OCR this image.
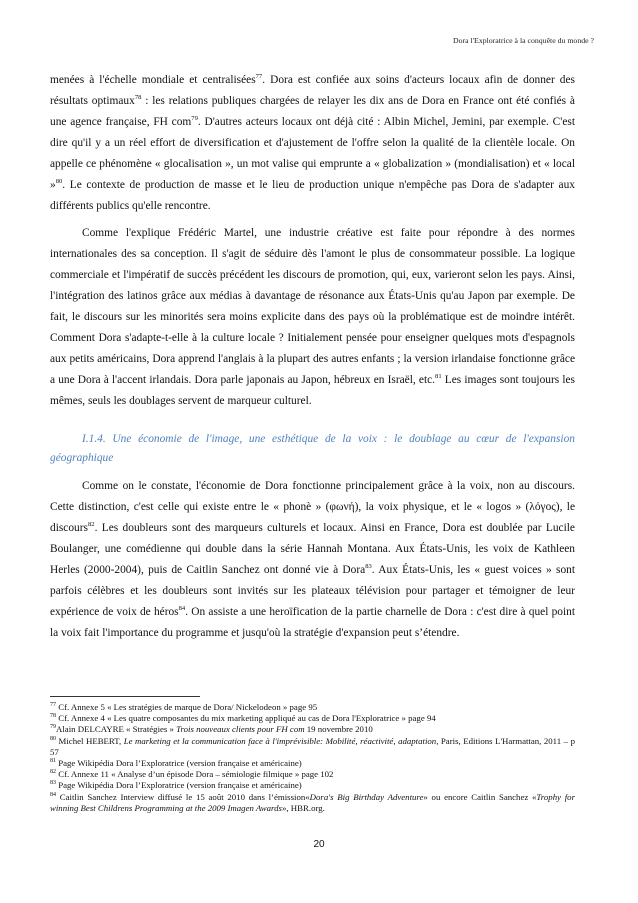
Dora l'Exploratrice à la conquête du monde ?

menées à l'échelle mondiale et centralisées$^{77}$. Dora est confiée aux soins d'acteurs locaux afin de donner des résultats optimaux$^{78}$ : les relations publiques chargées de relayer les dix ans de Dora en France ont été confiés à une agence française, FH com$^{79}$. D'autres acteurs locaux ont déjà cité : Albin Michel, Jemini, par exemple. C'est dire qu'il y a un réel effort de diversification et d'ajustement de l'offre selon la qualité de la clientèle locale. On appelle ce phénomène « glocalisation », un mot valise qui emprunte a « globalization » (mondialisation) et « local »$^{80}$. Le contexte de production de masse et le lieu de production unique n'empêche pas Dora de s'adapter aux différents publics qu'elle rencontre.

Comme l'explique Frédéric Martel, une industrie créative est faite pour répondre à des normes internationales des sa conception. Il s'agit de séduire dès l'amont le plus de consommateur possible. La logique commerciale et l'impératif de succès précédent les discours de promotion, qui, eux, varieront selon les pays. Ainsi, l'intégration des latinos grâce aux médias à davantage de résonance aux États-Unis qu'au Japon par exemple. De fait, le discours sur les minorités sera moins explicite dans des pays où la problématique est de moindre intérêt. Comment Dora s'adapte-t-elle à la culture locale ? Initialement pensée pour enseigner quelques mots d'espagnols aux petits américains, Dora apprend l'anglais à la plupart des autres enfants ; la version irlandaise fonctionne grâce a une Dora à l'accent irlandais. Dora parle japonais au Japon, hébreux en Israël, etc.$^{81}$ Les images sont toujours les mêmes, seuls les doublages servent de marqueur culturel.

I.1.4. Une économie de l'image, une esthétique de la voix : le doublage au cœur de l'expansion géographique

Comme on le constate, l'économie de Dora fonctionne principalement grâce à la voix, non au discours. Cette distinction, c'est celle qui existe entre le « phonè » (φωνή), la voix physique, et le « logos » (λόγος), le discours$^{82}$. Les doubleurs sont des marqueurs culturels et locaux. Ainsi en France, Dora est doublée par Lucile Boulanger, une comédienne qui double dans la série Hannah Montana. Aux États-Unis, les voix de Kathleen Herles (2000-2004), puis de Caitlin Sanchez ont donné vie à Dora$^{83}$. Aux États-Unis, les « guest voices » sont parfois célèbres et les doubleurs sont invités sur les plateaux télévision pour partager et témoigner de leur expérience de voix de héros$^{84}$. On assiste a une heroïfication de la partie charnelle de Dora : c'est dire à quel point la voix fait l'importance du programme et jusqu'où la stratégie d'expansion peut s’étendre.

$^{77}$ Cf. Annexe 5 « Les stratégies de marque de Dora/ Nickelodeon » page 95

$^{78}$ Cf. Annexe 4 « Les quatre composantes du mix marketing appliqué au cas de Dora l'Exploratrice » page 94

$^{79}$Alain DELCAYRE « Stratégies » Trois nouveaux clients pour FH com 19 novembre 2010

$^{80}$ Michel HEBERT, Le marketing et la communication face à l'imprévisible: Mobilité, réactivité, adaptation, Paris, Editions L'Harmattan, 2011 – p 57

$^{81}$ Page Wikipédia Dora l’Exploratrice (version française et américaine)

$^{82}$ Cf. Annexe 11 « Analyse d’un épisode Dora – sémiologie filmique » page 102

$^{83}$ Page Wikipédia Dora l’Exploratrice (version française et américaine)

$^{84}$ Caitlin Sanchez Interview diffusé le 15 août 2010 dans l’émission«Dora's Big Birthday Adventure» ou encore Caitlin Sanchez «Trophy for winning Best Childrens Programming at the 2009 Imagen Awards», HBR.org.

20
